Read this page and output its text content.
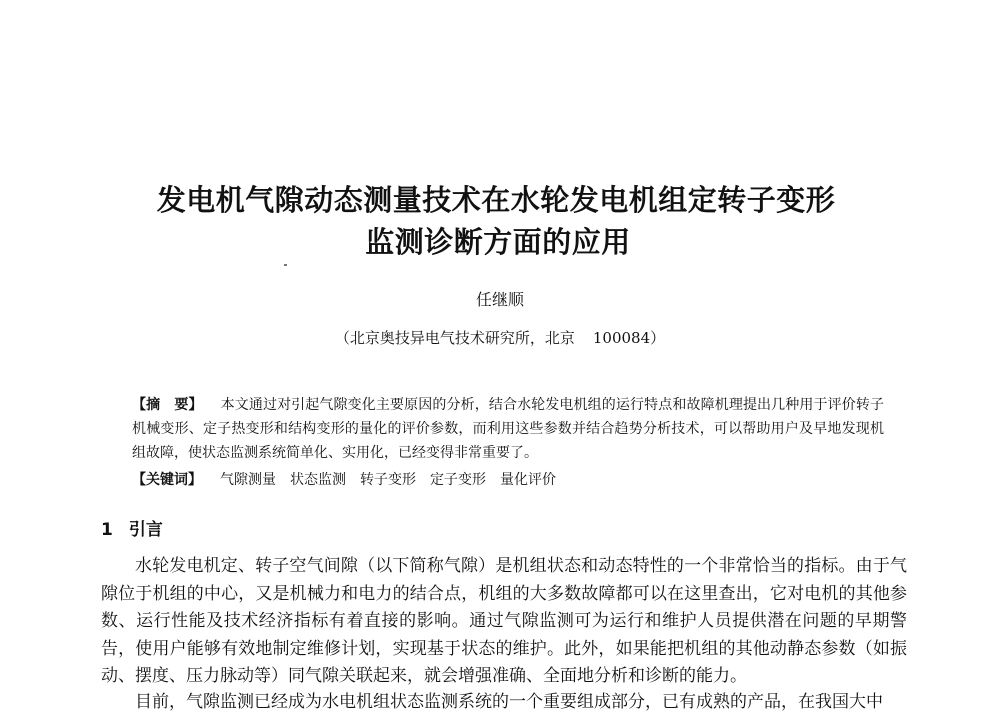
发电机气隙动态测量技术在水轮发电机组定转子变形
监测诊断方面的应用
任继顺
（北京奥技异电气技术研究所，北京 100084）
【摘　要】 本文通过对引起气隙变化主要原因的分析，结合水轮发电机组的运行特点和故障机理提出几种用于评价转子机械变形、定子热变形和结构变形的量化的评价参数，而利用这些参数并结合趋势分析技术，可以帮助用户及早地发现机组故障，使状态监测系统简单化、实用化，已经变得非常重要了。
【关键词】 气隙测量 状态监测 转子变形 定子变形 量化评价
1 引言
水轮发电机定、转子空气间隙（以下简称气隙）是机组状态和动态特性的一个非常恰当的指标。由于气隙位于机组的中心，又是机械力和电力的结合点，机组的大多数故障都可以在这里查出，它对电机的其他参数、运行性能及技术经济指标有着直接的影响。通过气隙监测可为运行和维护人员提供潜在问题的早期警告，使用户能够有效地制定维修计划，实现基于状态的维护。此外，如果能把机组的其他动静态参数（如振动、摆度、压力脉动等）同气隙关联起来，就会增强准确、全面地分析和诊断的能力。
目前，气隙监测已经成为水电机组状态监测系统的一个重要组成部分，已有成熟的产品，在我国大中
